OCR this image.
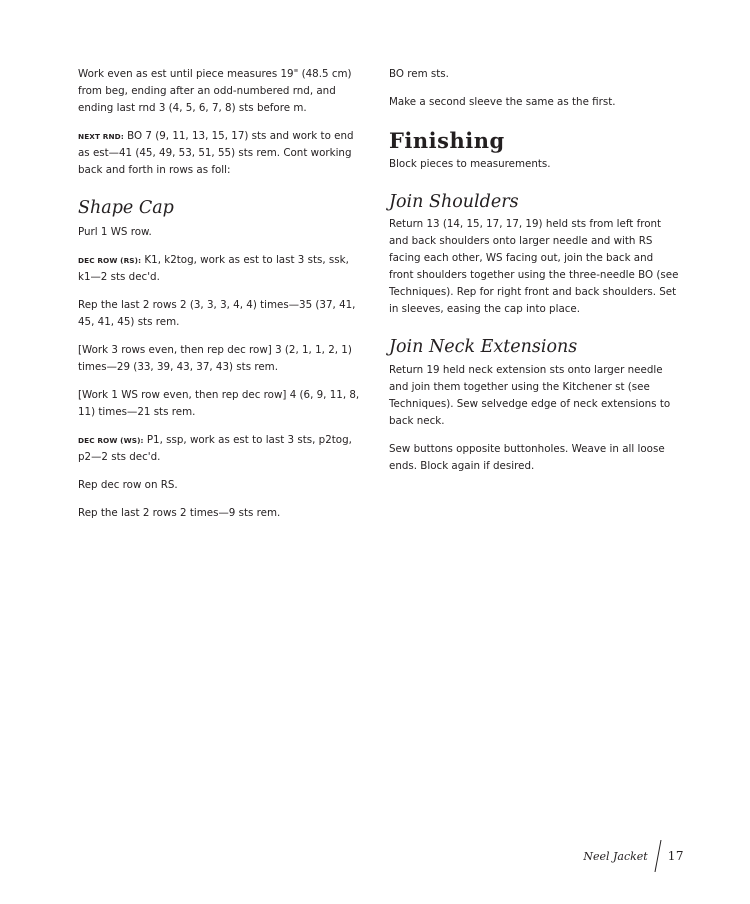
Work even as est until piece measures 19" (48.5 cm) from beg, ending after an odd-numbered rnd, and ending last rnd 3 (4, 5, 6, 7, 8) sts before m.

NEXT RND: BO 7 (9, 11, 13, 15, 17) sts and work to end as est—41 (45, 49, 53, 51, 55) sts rem. Cont working back and forth in rows as foll:

Shape Cap

Purl 1 WS row.

DEC ROW (RS): K1, k2tog, work as est to last 3 sts, ssk, k1—2 sts dec'd.

Rep the last 2 rows 2 (3, 3, 3, 4, 4) times—35 (37, 41, 45, 41, 45) sts rem.

[Work 3 rows even, then rep dec row] 3 (2, 1, 1, 2, 1) times—29 (33, 39, 43, 37, 43) sts rem.

[Work 1 WS row even, then rep dec row] 4 (6, 9, 11, 8, 11) times—21 sts rem.

DEC ROW (WS): P1, ssp, work as est to last 3 sts, p2tog, p2—2 sts dec'd.

Rep dec row on RS.

Rep the last 2 rows 2 times—9 sts rem.

BO rem sts.

Make a second sleeve the same as the first.

Finishing

Block pieces to measurements.

Join Shoulders

Return 13 (14, 15, 17, 17, 19) held sts from left front and back shoulders onto larger needle and with RS facing each other, WS facing out, join the back and front shoulders together using the three-needle BO (see Techniques). Rep for right front and back shoulders. Set in sleeves, easing the cap into place.

Join Neck Extensions

Return 19 held neck extension sts onto larger needle and join them together using the Kitchener st (see Techniques). Sew selvedge edge of neck extensions to back neck.

Sew buttons opposite buttonholes. Weave in all loose ends. Block again if desired.

Neel Jacket 17
